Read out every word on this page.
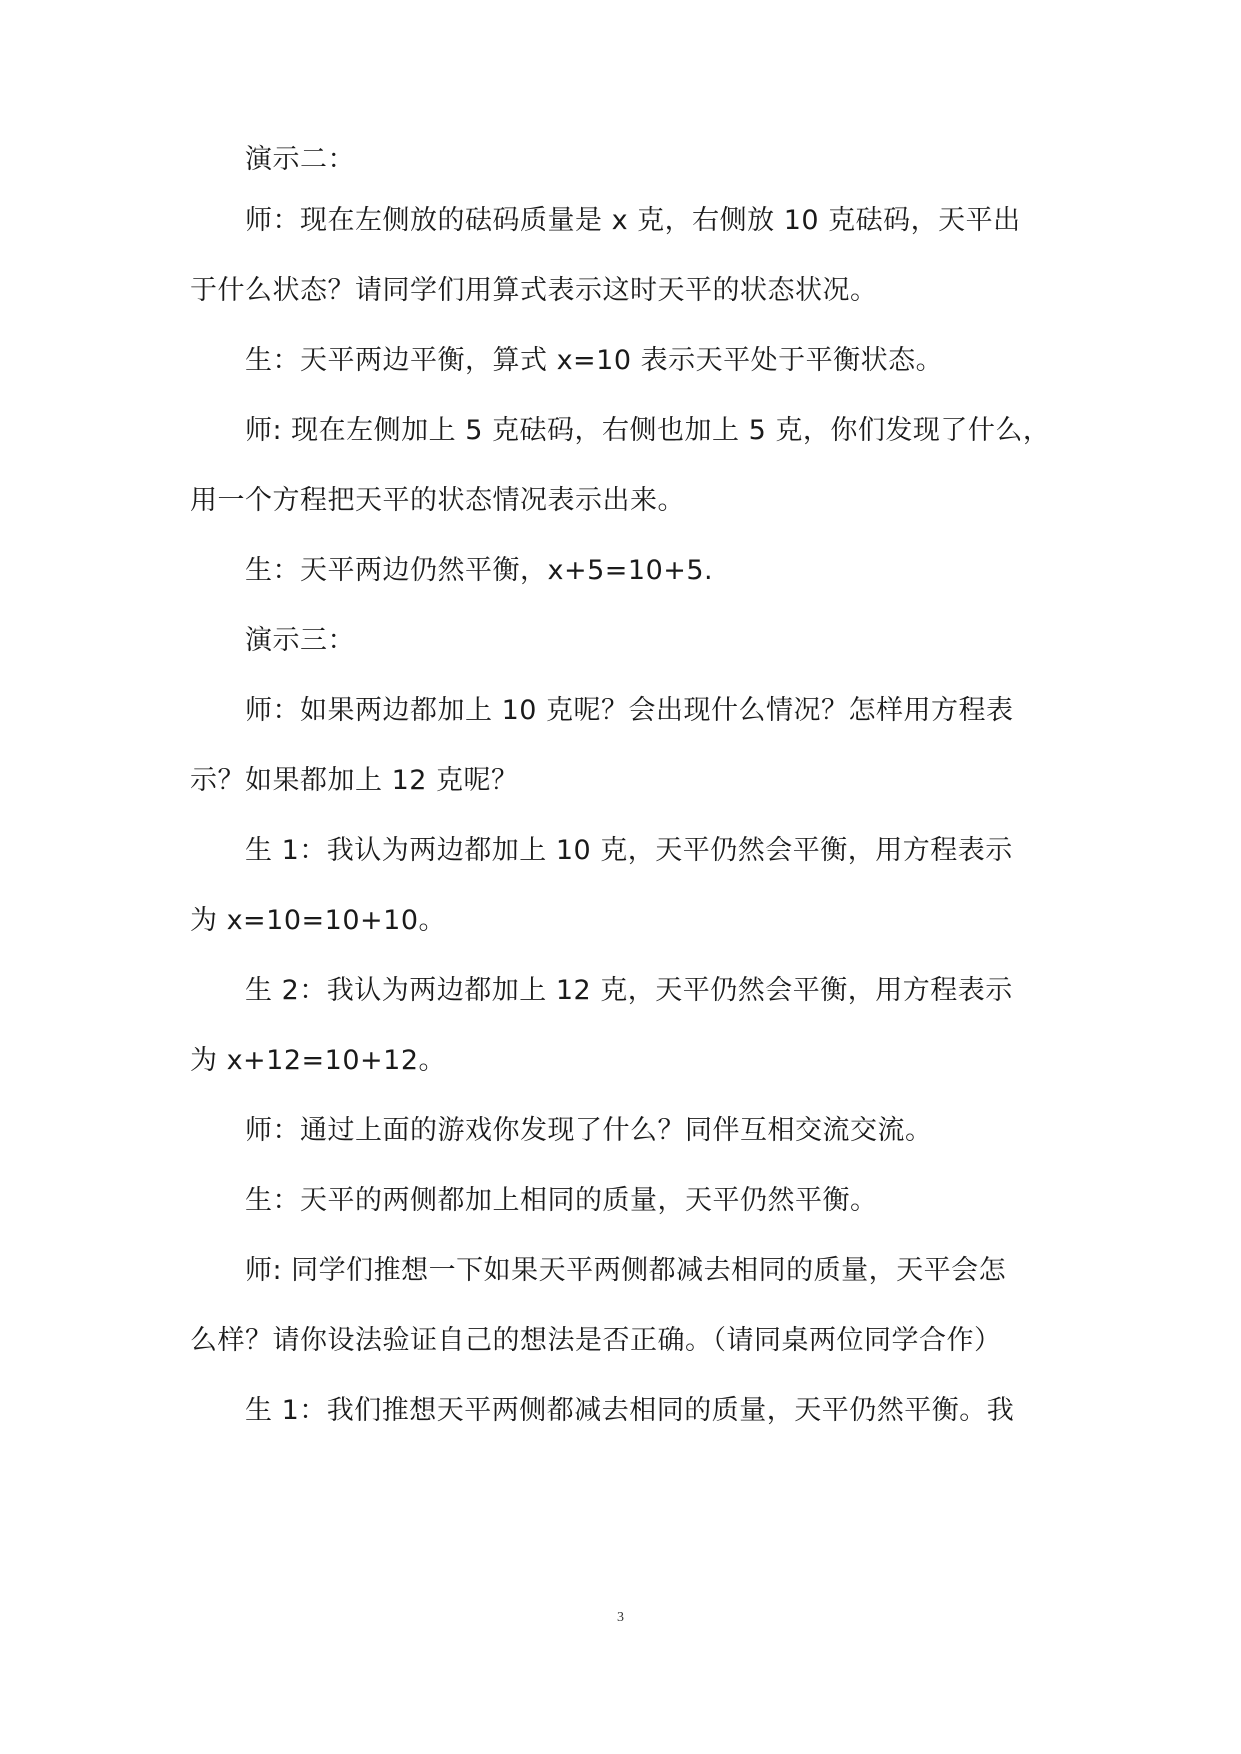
演示二：
师：现在左侧放的砝码质量是 x 克，右侧放 10 克砝码，天平出
于什么状态？请同学们用算式表示这时天平的状态状况。
生：天平两边平衡，算式 x=10 表示天平处于平衡状态。
师: 现在左侧加上 5 克砝码，右侧也加上 5 克，你们发现了什么，
用一个方程把天平的状态情况表示出来。
生：天平两边仍然平衡，x+5=10+5.
演示三：
师：如果两边都加上 10 克呢？会出现什么情况？怎样用方程表
示？如果都加上 12 克呢？
生 1：我认为两边都加上 10 克，天平仍然会平衡，用方程表示
为 x=10=10+10。
生 2：我认为两边都加上 12 克，天平仍然会平衡，用方程表示
为 x+12=10+12。
师：通过上面的游戏你发现了什么？同伴互相交流交流。
生：天平的两侧都加上相同的质量，天平仍然平衡。
师: 同学们推想一下如果天平两侧都减去相同的质量，天平会怎
么样？请你设法验证自己的想法是否正确。（请同桌两位同学合作）
生 1：我们推想天平两侧都减去相同的质量，天平仍然平衡。我
3
